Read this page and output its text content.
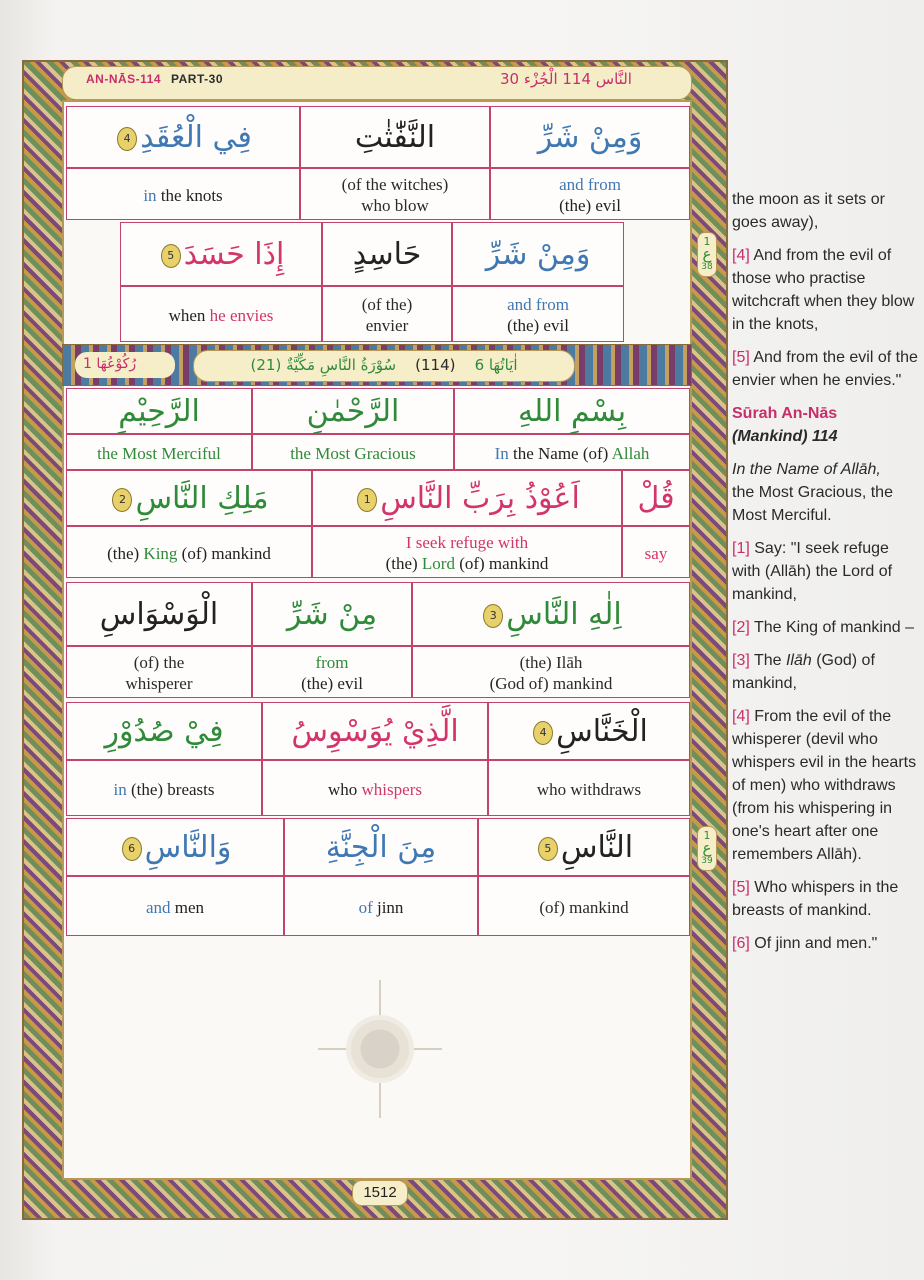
AN-NĀS-114 PART-30	النَّاس 114 الْجُزْء 30
فِي الْعُقَدِ4
in the knots
النَّفّٰثٰتِ
(of the witches)
who blow
وَمِنْ شَرِّ
and from
(the) evil
إِذَا حَسَدَ5
when he envies
حَاسِدٍ
(of the)
envier
وَمِنْ شَرِّ
and from
(the) evil
الرَّحِيْمِ
the Most Merciful
الرَّحْمٰنِ
the Most Gracious
بِسْمِ اللهِ
In the Name (of) Allah
مَلِكِ النَّاسِ2
(the) King (of) mankind
اَعُوْذُ بِرَبِّ النَّاسِ1
I seek refuge with
(the) Lord (of) mankind
قُلْ
say
الْوَسْوَاسِ
(of) the
whisperer
مِنْ شَرِّ
from
(the) evil
اِلٰهِ النَّاسِ3
(the) Ilāh
(God of) mankind
فِيْ صُدُوْرِ
in (the) breasts
الَّذِيْ يُوَسْوِسُ
who whispers
الْخَنَّاسِ4
who withdraws
وَالنَّاسِ6
and men
مِنَ الْجِنَّةِ
of jinn
النَّاسِ5
(of) mankind
رُكُوْعُهَا 1	اٰيَاتُهَا 6    (114)    سُوْرَةُ النَّاسِ مَكِّيَّةٌ (21)
1
ع
38
1
ع
39
1512

the moon as it sets or goes away),

[4] And from the evil of those who practise witchcraft when they blow in the knots,

[5] And from the evil of the envier when he envies."

Sūrah An-Nās

(Mankind) 114

In the Name of Allāh,

the Most Gracious, the Most Merciful.

[1] Say: "I seek refuge with (Allāh) the Lord of mankind,

[2] The King of mankind –

[3] The Ilāh (God) of mankind,

[4] From the evil of the whisperer (devil who whispers evil in the hearts of men) who withdraws (from his whispering in one's heart after one remembers Allāh).

[5] Who whispers in the breasts of mankind.

[6] Of jinn and men."
